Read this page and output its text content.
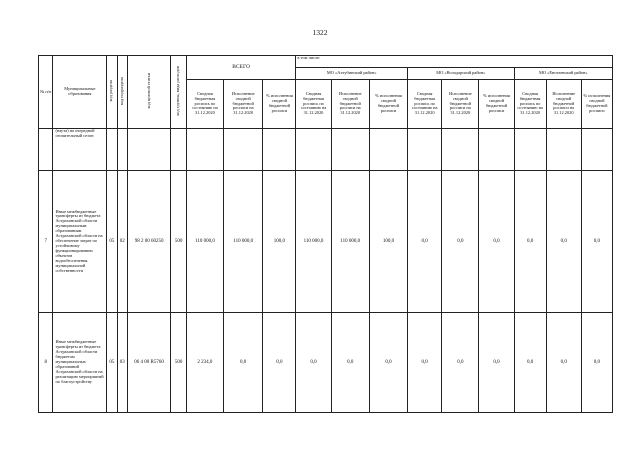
1322
№ п/п	Муниципальные образования	код раздела	код подраздела	код целевой статьи	код группы, вида расходов	ВСЕГО			в том числе:								
									МО «Ахтубинский район»			МО «Володарский район»			МО «Енотаевский район»		
						Сводная бюджетная роспись по состоянию на 31.12.2020	Исполнение сводной бюджетной росписи на 31.12.2020	% исполнения сводной бюджетной росписи	Сводная бюджетная роспись по состоянию на 31.12.2020	Исполнение сводной бюджетной росписи на 31.12.2020	% исполнения сводной бюджетной росписи	Сводная бюджетная роспись по состоянию на 31.12.2020	Исполнение сводной бюджетной росписи на 31.12.2020	% исполнения сводной бюджетной росписи	Сводная бюджетная роспись по состоянию на 31.12.2020	Исполнение сводной бюджетной росписи на 31.12.2020	% исполнения сводной бюджетной росписи
	(наута) на очередной отопительный сезон																
7	Иные межбюджетные трансферты из бюджета Астраханской области муниципальным образованиям Астраханской области на обеспечение затрат по устойчивому функционированию объектов водообеспечения муниципальной собственности	05	02	98 2 00 60250	500	110 000,0	110 000,0	100,0	110 000,0	110 000,0	100,0	0,0	0,0	0,0	0,0	0,0	0,0
8	Иные межбюджетные трансферты из бюджета Астраханской области бюджетам муниципальных образований Астраханской области на реализацию мероприятий по благоустройству	05	03	06 4 00 R5760	500	2 234,0	0,0	0,0	0,0	0,0	0,0	0,0	0,0	0,0	0,0	0,0	0,0
